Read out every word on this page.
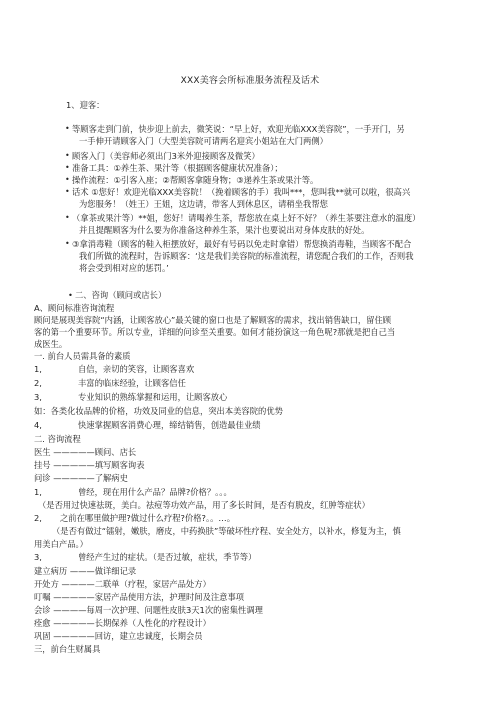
XXX美容会所标准服务流程及话术
1、迎客：
• 等顾客走到门前，快步迎上前去，微笑说：“早上好，欢迎光临XXX美容院”，一手开门，另
一手伸开请顾客入门（大型美容院可请两名迎宾小姐站在大门两侧）
• 顾客入门（美容师必须出门3米外迎接顾客及微笑）
• 准备工具：①养生茶、果汁等（根据顾客健康状况准备）；
• 操作流程：①引客入座；②帮顾客拿随身物；③递养生茶或果汁等。
• 话术 ①您好！欢迎光临XXX美容院！（挽着顾客的手）我叫***，您叫我**就可以啦，很高兴
为您服务！（姓王）王姐，这边请，带客人到休息区，请稍坐我帮您
• （拿茶或果汁等）**姐，您好！请喝养生茶，帮您放在桌上好不好？（养生茶要注意水的温度）
并且提醒顾客为什么要为你准备这种养生茶，果汁也要说出对身体皮肤的好处。
• ③拿消毒鞋（顾客的鞋入柜摆放好，最好有号码以免走时拿错）帮您换消毒鞋，当顾客不配合
我们所做的流程时，告诉顾客：‘这是我们美容院的标准流程，请您配合我们的工作，否则我
将会受到相对应的惩罚。’
• 二、咨询（顾问或店长）
A、顾问标准咨询流程
顾问是展现美容院“内涵，让顾客放心”最关键的窗口也是了解顾客的需求，找出销售缺口，留住顾
客的第一个重要环节。所以专业，详细的问诊至关重要。如何才能扮演这一角色呢?那就是把自己当
成医生。
一. 前台人员需具备的素质
1,	自信，亲切的笑容，让顾客喜欢
2,	丰富的临床经验，让顾客信任
3,	专业知识的熟练掌握和运用，让顾客放心
如：各类化妆品牌的价格，功效及同业的信息，突出本美容院的优势
4,	快速掌握顾客消费心理，缔结销售，创造最佳业绩
二. 咨询流程
医生 —————顾问、店长
挂号 —————填写顾客询表
问诊 —————了解病史
1,	曾经，现在用什么产品？品牌?价格？。。。
（是否用过快速祛斑，美白。祛痘等功效产品，用了多长时间，是否有脱皮，红肿等症状）
2, 之前在哪里做护理?做过什么疗程?价格?。。…。
（是否有做过“镭射，嫩肤，磨皮，中药换肤”等破坏性疗程、安全处方，以补水，修复为主，慎
用美白产品。）
3,	曾经产生过的症状。（是否过敏，症状，季节等）
建立病历 ———做详细记录
开处方 ————二联单（疗程，家居产品处方）
叮嘱 —————家居产品使用方法，护理时间及注意事项
会诊 ————每周一次护理、问题性皮肤3天1次的密集性调理
痊愈 —————长期保养（人性化的疗程设计）
巩固 —————回访，建立忠诚度，长期会员
三，前台生财属具
